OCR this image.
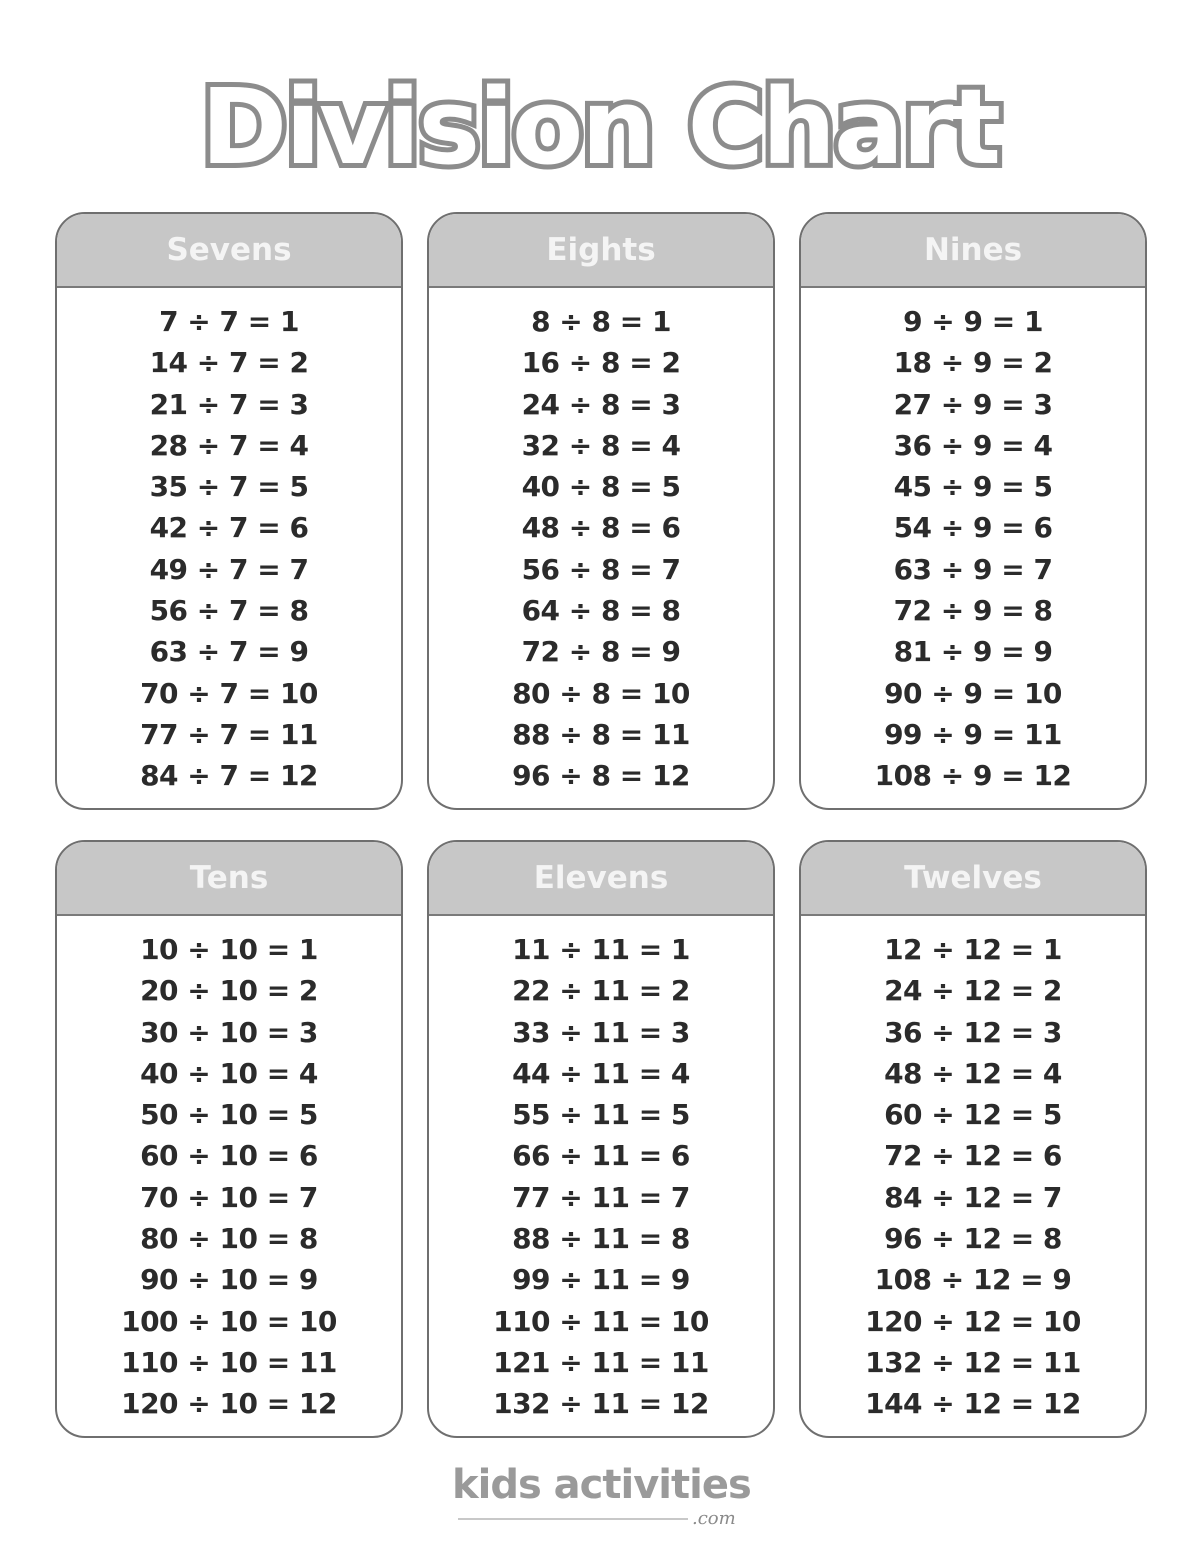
Division Chart
Sevens
7 ÷ 7 = 1
14 ÷ 7 = 2
21 ÷ 7 = 3
28 ÷ 7 = 4
35 ÷ 7 = 5
42 ÷ 7 = 6
49 ÷ 7 = 7
56 ÷ 7 = 8
63 ÷ 7 = 9
70 ÷ 7 = 10
77 ÷ 7 = 11
84 ÷ 7 = 12
Eights
8 ÷ 8 = 1
16 ÷ 8 = 2
24 ÷ 8 = 3
32 ÷ 8 = 4
40 ÷ 8 = 5
48 ÷ 8 = 6
56 ÷ 8 = 7
64 ÷ 8 = 8
72 ÷ 8 = 9
80 ÷ 8 = 10
88 ÷ 8 = 11
96 ÷ 8 = 12
Nines
9 ÷ 9 = 1
18 ÷ 9 = 2
27 ÷ 9 = 3
36 ÷ 9 = 4
45 ÷ 9 = 5
54 ÷ 9 = 6
63 ÷ 9 = 7
72 ÷ 9 = 8
81 ÷ 9 = 9
90 ÷ 9 = 10
99 ÷ 9 = 11
108 ÷ 9 = 12
Tens
10 ÷ 10 = 1
20 ÷ 10 = 2
30 ÷ 10 = 3
40 ÷ 10 = 4
50 ÷ 10 = 5
60 ÷ 10 = 6
70 ÷ 10 = 7
80 ÷ 10 = 8
90 ÷ 10 = 9
100 ÷ 10 = 10
110 ÷ 10 = 11
120 ÷ 10 = 12
Elevens
11 ÷ 11 = 1
22 ÷ 11 = 2
33 ÷ 11 = 3
44 ÷ 11 = 4
55 ÷ 11 = 5
66 ÷ 11 = 6
77 ÷ 11 = 7
88 ÷ 11 = 8
99 ÷ 11 = 9
110 ÷ 11 = 10
121 ÷ 11 = 11
132 ÷ 11 = 12
Twelves
12 ÷ 12 = 1
24 ÷ 12 = 2
36 ÷ 12 = 3
48 ÷ 12 = 4
60 ÷ 12 = 5
72 ÷ 12 = 6
84 ÷ 12 = 7
96 ÷ 12 = 8
108 ÷ 12 = 9
120 ÷ 12 = 10
132 ÷ 12 = 11
144 ÷ 12 = 12
kids activities
.com
